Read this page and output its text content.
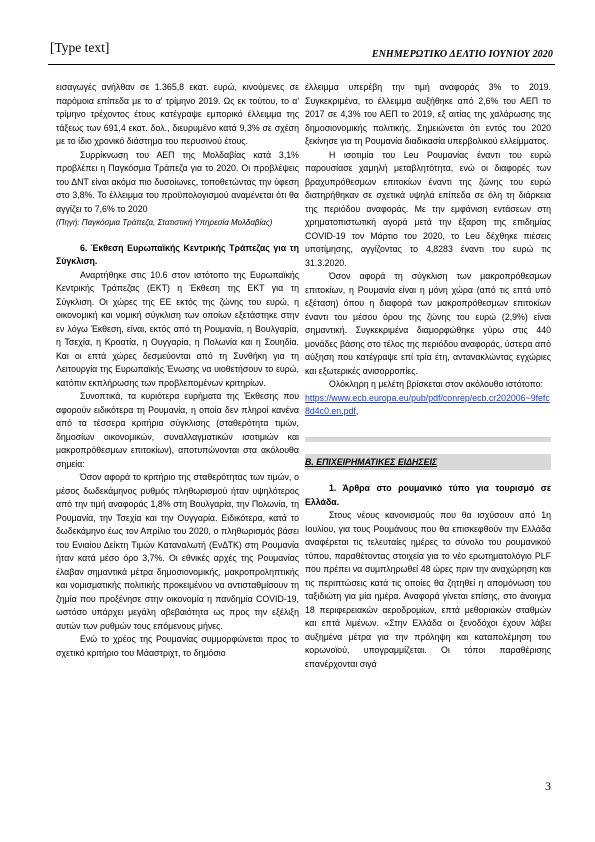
[Type text]	ΕΝΗΜΕΡΩΤΙΚΟ ΔΕΛΤΙΟ ΙΟΥΝΙΟΥ 2020

εισαγωγές ανήλθαν σε 1.365,8 εκατ. ευρώ, κινούμενες σε παρόμοια επίπεδα με το α' τρίμηνο 2019. Ως εκ τούτου, το α' τρίμηνο τρέχοντος έτους κατέγραψε εμπορικό έλλειμμα της τάξεως των 691,4 εκατ. δολ., διευρυμένο κατά 9,3% σε σχέση με το ίδιο χρονικό διάστημα του περυσινού έτους.

Συρρίκνωση του ΑΕΠ της Μολδαβίας κατά 3,1% προβλέπει η Παγκόσμια Τράπεζα για το 2020. Οι προβλέψεις του ΔΝΤ είναι ακόμα πιο δυσοίωνες, τοποθετώντας την ύφεση στο 3,8%. Το έλλειμμα του προϋπολογισμού αναμένεται ότι θα αγγίζει το 7,6% το 2020

(Πηγή: Παγκόσμια Τράπεζα, Στατιστική Υπηρεσία Μολδαβίας)

6. Έκθεση Ευρωπαϊκής Κεντρικής Τράπεζας για τη Σύγκλιση.

Αναρτήθηκε στις 10.6 στον ιστότοπο της Ευρωπαϊκής Κεντρικής Τράπεζας (ΕΚΤ) η Έκθεση της ΕΚΤ για τη Σύγκλιση. Οι χώρες της ΕΕ εκτός της ζώνης του ευρώ, η οικονομική και νομική σύγκλιση των οποίων εξετάστηκε στην εν λόγω Έκθεση, είναι, εκτός από τη Ρουμανία, η Βουλγαρία, η Τσεχία, η Κροατία, η Ουγγαρία, η Πολωνία και η Σουηδία. Και οι επτά χώρες δεσμεύονται από τη Συνθήκη για τη Λειτουργία της Ευρωπαϊκής Ένωσης να υιοθετήσουν το ευρώ, κατόπιν εκπλήρωσης των προβλεπομένων κριτηρίων.

Συνοπτικά, τα κυριότερα ευρήματα της Έκθεσης που αφορούν ειδικότερα τη Ρουμανία, η οποία δεν πληροί κανένα από τα τέσσερα κριτήρια σύγκλισης (σταθερότητα τιμών, δημοσίων οικονομικών, συναλλαγματικών ισοτιμιών και μακροπρόθεσμων επιτοκίων), αποτυπώνονται στα ακόλουθα σημεία:

Όσον αφορά το κριτήριο της σταθερότητας των τιμών, ο μέσος δωδεκάμηνος ρυθμός πληθωρισμού ήταν υψηλότερος από την τιμή αναφοράς 1,8% στη Βουλγαρία, την Πολωνία, τη Ρουμανία, την Τσεχία και την Ουγγαρία. Ειδικότερα, κατά το δωδεκάμηνο έως τον Απρίλιο του 2020, ο πληθωρισμός βάσει του Ενιαίου Δείκτη Τιμών Καταναλωτή (ΕνΔΤΚ) στη Ρουμανία ήταν κατά μέσο όρο 3,7%. Οι εθνικές αρχές της Ρουμανίας έλαβαν σημαντικά μέτρα δημοσιονομικής, μακροπροληπτικής και νομισματικής πολιτικής προκειμένου να αντισταθμίσουν τη ζημία που προξένησε στην οικονομία η πανδημία COVID-19, ωστόσο υπάρχει μεγάλη αβεβαιότητα ως προς την εξέλιξη αυτών των ρυθμών τους επόμενους μήνες.

Ενώ το χρέος της Ρουμανίας συμμορφώνεται προς το σχετικό κριτήριο του Μάαστριχτ, το δημόσιο

έλλειμμα υπερέβη την τιμή αναφοράς 3% το 2019. Συγκεκριμένα, το έλλειμμα αυξήθηκε από 2,6% του ΑΕΠ το 2017 σε 4,3% του ΑΕΠ το 2019, εξ αιτίας της χαλάρωσης της δημοσιονομικής πολιτικής. Σημειώνεται ότι εντός του 2020 ξεκίνησε για τη Ρουμανία διαδικασία υπερβολικού ελλείμματος.

Η ισοτιμία του Leu Ρουμανίας έναντι του ευρώ παρουσίασε χαμηλή μεταβλητότητα, ενώ οι διαφορές των βραχυπρόθεσμων επιτοκίων έναντι της ζώνης του ευρώ διατηρήθηκαν σε σχετικά υψηλά επίπεδα σε όλη τη διάρκεια της περιόδου αναφοράς. Με την εμφάνιση εντάσεων στη χρηματοπιστωτική αγορά μετά την έξαρση της επιδημίας COVID-19 τον Μάρτιο του 2020, το Leu δέχθηκε πιέσεις υποτίμησης, αγγίζοντας το 4,8283 έναντι του ευρώ τις 31.3.2020.

Όσον αφορά τη σύγκλιση των μακροπρόθεσμων επιτοκίων, η Ρουμανία είναι η μόνη χώρα (από τις επτά υπό εξέταση) όπου η διαφορά των μακροπρόθεσμων επιτοκίων έναντι του μέσου όρου της ζώνης του ευρώ (2,9%) είναι σημαντική. Συγκεκριμένα διαμορφώθηκε γύρω στις 440 μονάδες βάσης στο τέλος της περιόδου αναφοράς, ύστερα από αύξηση που κατέγραψε επί τρία έτη, αντανακλώντας εγχώριες και εξωτερικές ανισορροπίες.

Ολόκληρη η μελέτη βρίσκεται στον ακόλουθο ιστότοπο:

https://www.ecb.europa.eu/pub/pdf/conrep/ecb.cr202006~9fefc8d4c0.en.pdf,

Β. ΕΠΙΧΕΙΡΗΜΑΤΙΚΕΣ ΕΙΔΗΣΕΙΣ

1. Άρθρα στο ρουμανικό τύπο για τουρισμό σε Ελλάδα.

Στους νέους κανονισμούς που θα ισχύσουν από 1η Ιουλίου, για τους Ρουμάνους που θα επισκεφθούν την Ελλάδα αναφέρεται τις τελευταίες ημέρες το σύνολο του ρουμανικού τύπου, παραθέτοντας στοιχεία για το νέο ερωτηματολόγιο PLF που πρέπει να συμπληρωθεί 48 ώρες πριν την αναχώρηση και τις περιπτώσεις κατά τις οποίες θα ζητηθεί η απομόνωση του ταξιδιώτη για μία ημέρα. Αναφορά γίνεται επίσης, στο άνοιγμα 18 περιφερειακών αεροδρομίων, επτά μεθοριακών σταθμών και επτά λιμένων. «Στην Ελλάδα οι ξενοδόχοι έχουν λάβει αυξημένα μέτρα για την πρόληψη και καταπολέμηση του κορωνοϊού, υπογραμμίζεται. Οι τόποι παραθέρισης επανέρχονται σιγά

3
